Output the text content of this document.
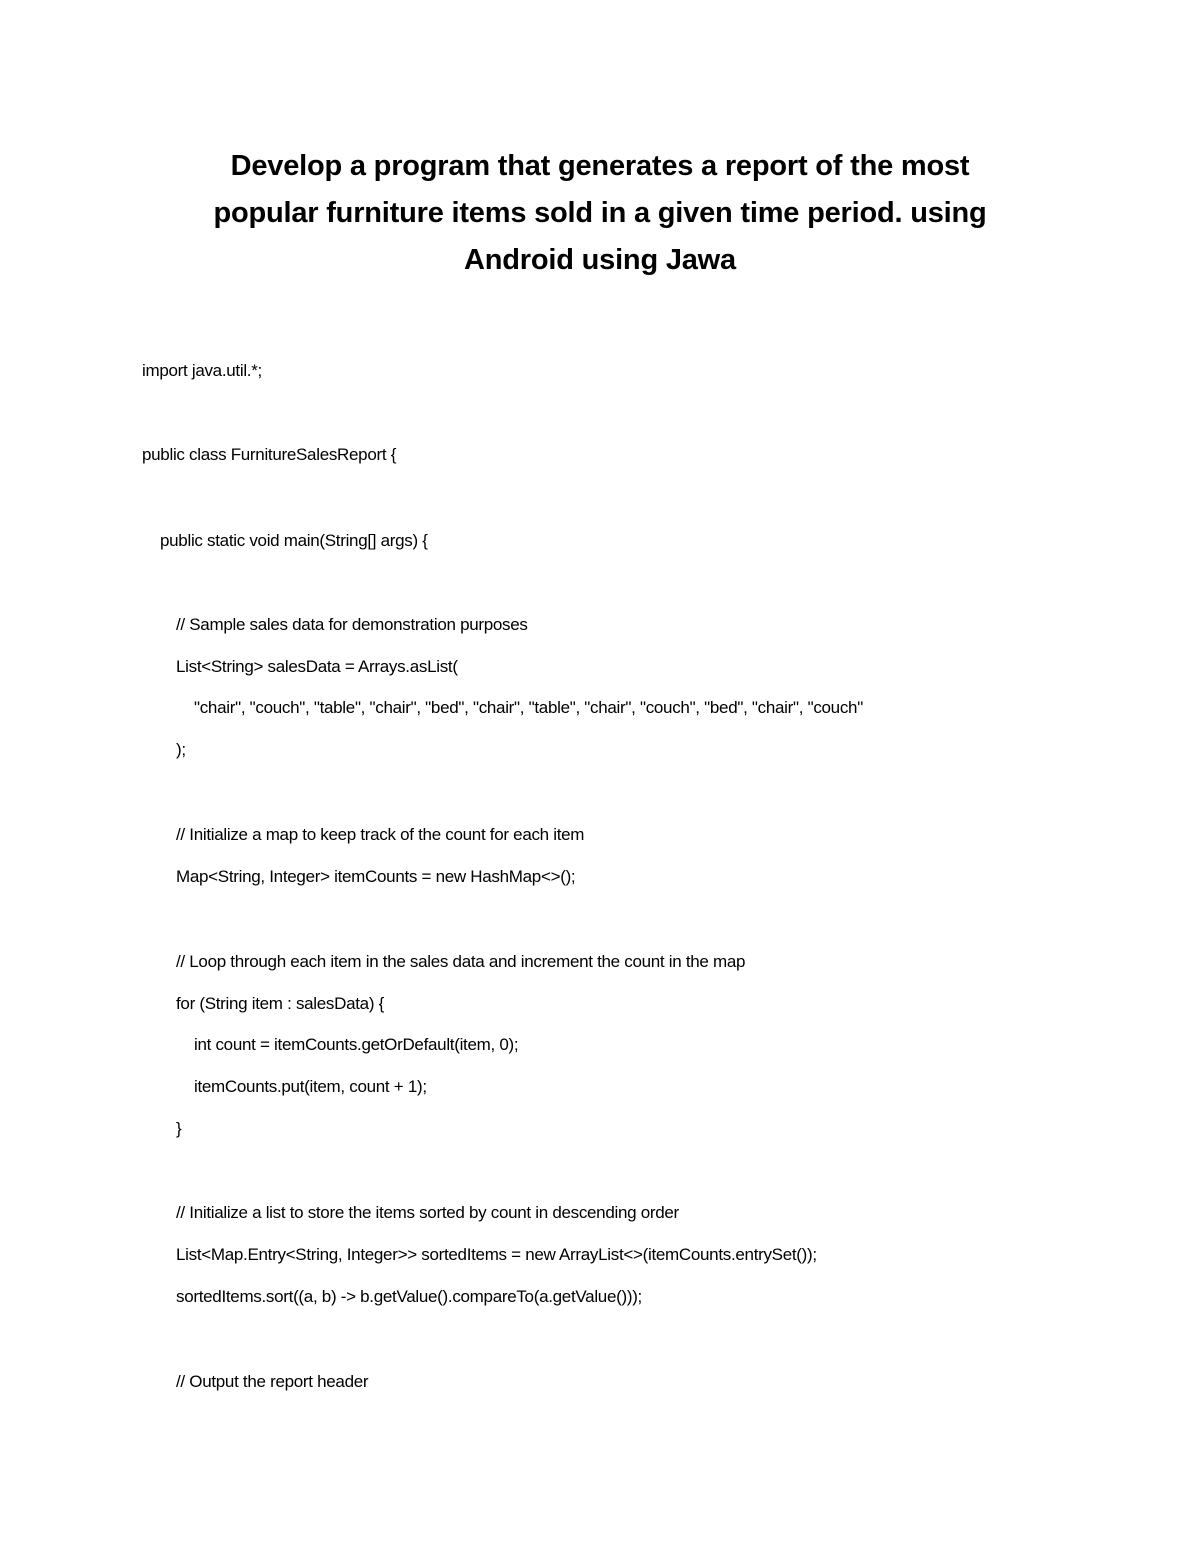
Develop a program that generates a report of the most
popular furniture items sold in a given time period. using
Android using Jawa

import java.util.*;

public class FurnitureSalesReport {

public static void main(String[] args) {

// Sample sales data for demonstration purposes

List<String> salesData = Arrays.asList(

"chair", "couch", "table", "chair", "bed", "chair", "table", "chair", "couch", "bed", "chair", "couch"

);

// Initialize a map to keep track of the count for each item

Map<String, Integer> itemCounts = new HashMap<>();

// Loop through each item in the sales data and increment the count in the map

for (String item : salesData) {

int count = itemCounts.getOrDefault(item, 0);

itemCounts.put(item, count + 1);

}

// Initialize a list to store the items sorted by count in descending order

List<Map.Entry<String, Integer>> sortedItems = new ArrayList<>(itemCounts.entrySet());

sortedItems.sort((a, b) -> b.getValue().compareTo(a.getValue()));

// Output the report header
